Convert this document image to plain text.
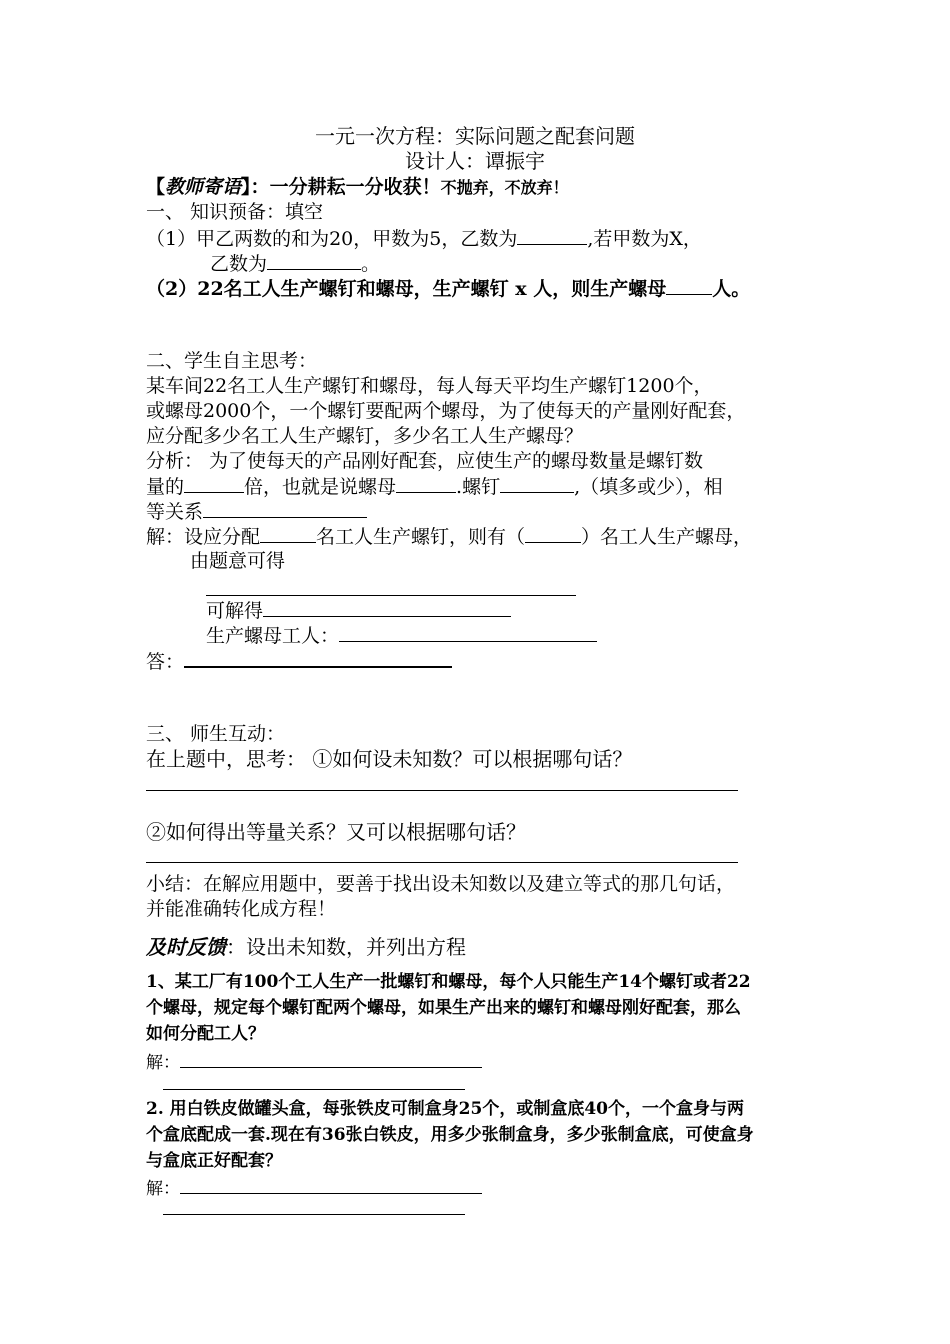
一元一次方程：实际问题之配套问题
设计人：谭振宇
【教师寄语】：一分耕耘一分收获！不抛弃，不放弃！
一、 知识预备：填空
（1）甲乙两数的和为20，甲数为5，乙数为	,若甲数为X，
乙数为	。
（2）22名工人生产螺钉和螺母，生产螺钉 x 人，则生产螺母 人。
二、学生自主思考：
某车间22名工人生产螺钉和螺母，每人每天平均生产螺钉1200个，
或螺母2000个，一个螺钉要配两个螺母，为了使每天的产量刚好配套，
应分配多少名工人生产螺钉，多少名工人生产螺母？
分析： 为了使每天的产品刚好配套，应使生产的螺母数量是螺钉数
量的	倍，也就是说螺母	.螺钉	,（填多或少），相
等关系
解：设应分配	名工人生产螺钉，则有（	）名工人生产螺母，
由题意可得
可解得
生产螺母工人：
答：
三、 师生互动：
在上题中，思考： ①如何设未知数？可以根据哪句话？
②如何得出等量关系？又可以根据哪句话？
小结：在解应用题中，要善于找出设未知数以及建立等式的那几句话，
并能准确转化成方程！
及时反馈：设出未知数，并列出方程
1、某工厂有100个工人生产一批螺钉和螺母，每个人只能生产14个螺钉或者22
个螺母，规定每个螺钉配两个螺母，如果生产出来的螺钉和螺母刚好配套，那么
如何分配工人？
解：
2. 用白铁皮做罐头盒，每张铁皮可制盒身25个，或制盒底40个，一个盒身与两
个盒底配成一套.现在有36张白铁皮，用多少张制盒身，多少张制盒底，可使盒身
与盒底正好配套？
解：
